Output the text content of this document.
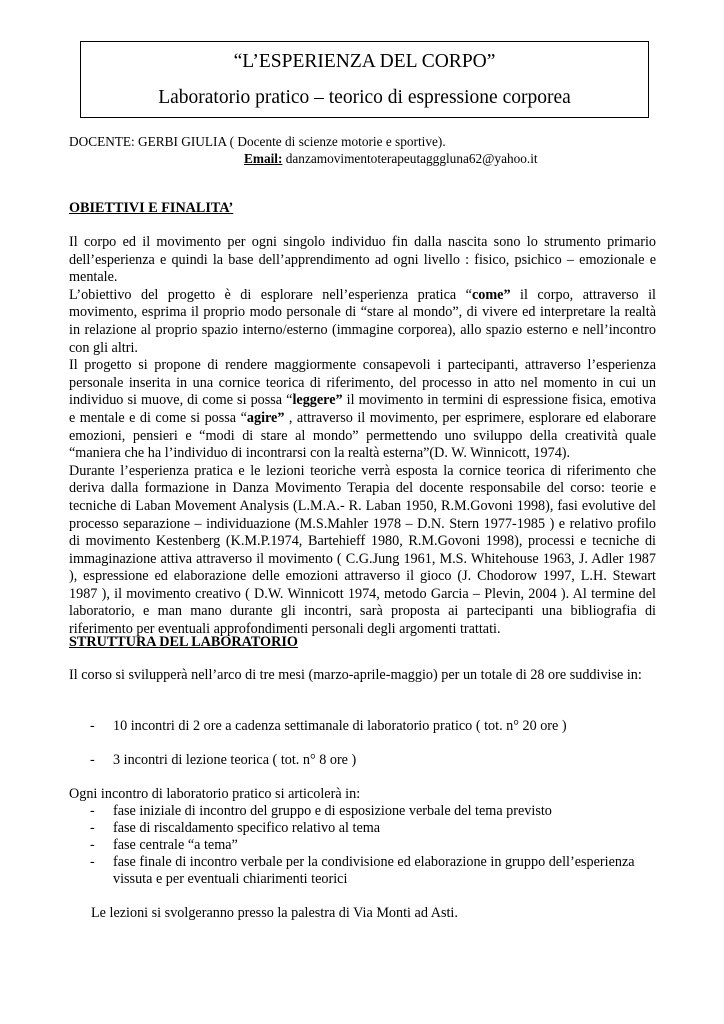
“L’ESPERIENZA DEL CORPO”
Laboratorio pratico – teorico di espressione corporea
DOCENTE: GERBI GIULIA ( Docente di scienze motorie e sportive).
Email: danzamovimentoterapeutagggluna62@yahoo.it
OBIETTIVI E FINALITA’

Il corpo ed il movimento per ogni singolo individuo fin dalla nascita sono lo strumento primario dell’esperienza e quindi la base dell’apprendimento ad ogni livello : fisico, psichico – emozionale e mentale.

L’obiettivo del progetto è di esplorare nell’esperienza pratica “come” il corpo, attraverso il movimento, esprima il proprio modo personale di “stare al mondo”, di vivere ed interpretare la realtà in relazione al proprio spazio interno/esterno (immagine corporea), allo spazio esterno e nell’incontro con gli altri.

Il progetto si propone di rendere maggiormente consapevoli i partecipanti, attraverso l’esperienza personale inserita in una cornice teorica di riferimento, del processo in atto nel momento in cui un individuo si muove, di come si possa “leggere” il movimento in termini di espressione fisica, emotiva e mentale e di come si possa “agire” , attraverso il movimento, per esprimere, esplorare ed elaborare emozioni, pensieri e “modi di stare al mondo” permettendo uno sviluppo della creatività quale “maniera che ha l’individuo di incontrarsi con la realtà esterna”(D. W. Winnicott, 1974).

Durante l’esperienza pratica e le lezioni teoriche verrà esposta la cornice teorica di riferimento che deriva dalla formazione in Danza Movimento Terapia del docente responsabile del corso: teorie e tecniche di Laban Movement Analysis (L.M.A.- R. Laban 1950, R.M.Govoni 1998), fasi evolutive del processo separazione – individuazione (M.S.Mahler 1978 – D.N. Stern 1977-1985 ) e relativo profilo di movimento Kestenberg (K.M.P.1974, Bartehieff 1980, R.M.Govoni 1998), processi e tecniche di immaginazione attiva attraverso il movimento ( C.G.Jung 1961, M.S. Whitehouse 1963, J. Adler 1987 ), espressione ed elaborazione delle emozioni attraverso il gioco (J. Chodorow 1997, L.H. Stewart 1987 ), il movimento creativo ( D.W. Winnicott 1974, metodo Garcia – Plevin, 2004 ). Al termine del laboratorio, e man mano durante gli incontri, sarà proposta ai partecipanti una bibliografia di riferimento per eventuali approfondimenti personali degli argomenti trattati.

STRUTTURA DEL LABORATORIO
Il corso si svilupperà nell’arco di tre mesi (marzo-aprile-maggio) per un totale di 28 ore suddivise in:
- 10 incontri di 2 ore a cadenza settimanale di laboratorio pratico ( tot. n° 20 ore )
- 3 incontri di lezione teorica ( tot. n° 8 ore )
Ogni incontro di laboratorio pratico si articolerà in:
- fase iniziale di incontro del gruppo e di esposizione verbale del tema previsto
- fase di riscaldamento specifico relativo al tema
- fase centrale “a tema”
- fase finale di incontro verbale per la condivisione ed elaborazione in gruppo dell’esperienza
vissuta e per eventuali chiarimenti teorici
Le lezioni si svolgeranno presso la palestra di Via Monti ad Asti.
